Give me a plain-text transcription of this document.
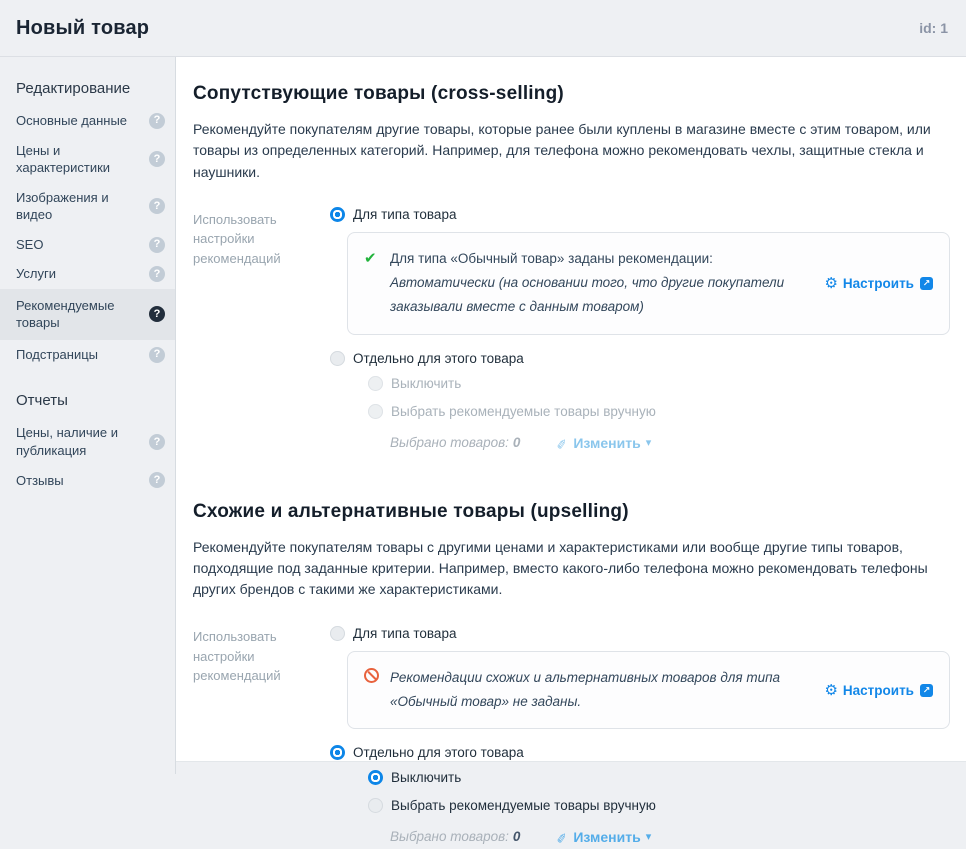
Новый товар	id: 1
Редактирование
Основные данные	?
Цены и характеристики
?
Изображения и видео
?
SEO	?
Услуги	?
Рекомендуемые товары
?
Подстраницы	?
Отчеты
Цены, наличие и публикация
?
Отзывы	?
Сопутствующие товары (cross-selling)

Рекомендуйте покупателям другие товары, которые ранее были куплены в магазине вместе с этим товаром, или товары из определенных категорий. Например, для телефона можно рекомендовать чехлы, защитные стекла и наушники.

Использовать настройки рекомендаций
Для типа товара
✔ Для типа «Обычный товар» заданы рекомендации:
Автоматически (на основании того, что другие покупатели заказывали вместе с данным товаром)
⚙ Настроить ↗
Отдельно для этого товара
Выключить
Выбрать рекомендуемые товары вручную
Выбрано товаров: 0	✎ Изменить ▾
Схожие и альтернативные товары (upselling)

Рекомендуйте покупателям товары с другими ценами и характеристиками или вообще другие типы товаров, подходящие под заданные критерии. Например, вместо какого-либо телефона можно рекомендовать телефоны других брендов с такими же характеристиками.

Использовать настройки рекомендаций
Для типа товара
Рекомендации схожих и альтернативных товаров для типа «Обычный товар» не заданы.
⚙ Настроить ↗
Отдельно для этого товара
Выключить
Выбрать рекомендуемые товары вручную
Выбрано товаров: 0	✎ Изменить ▾
